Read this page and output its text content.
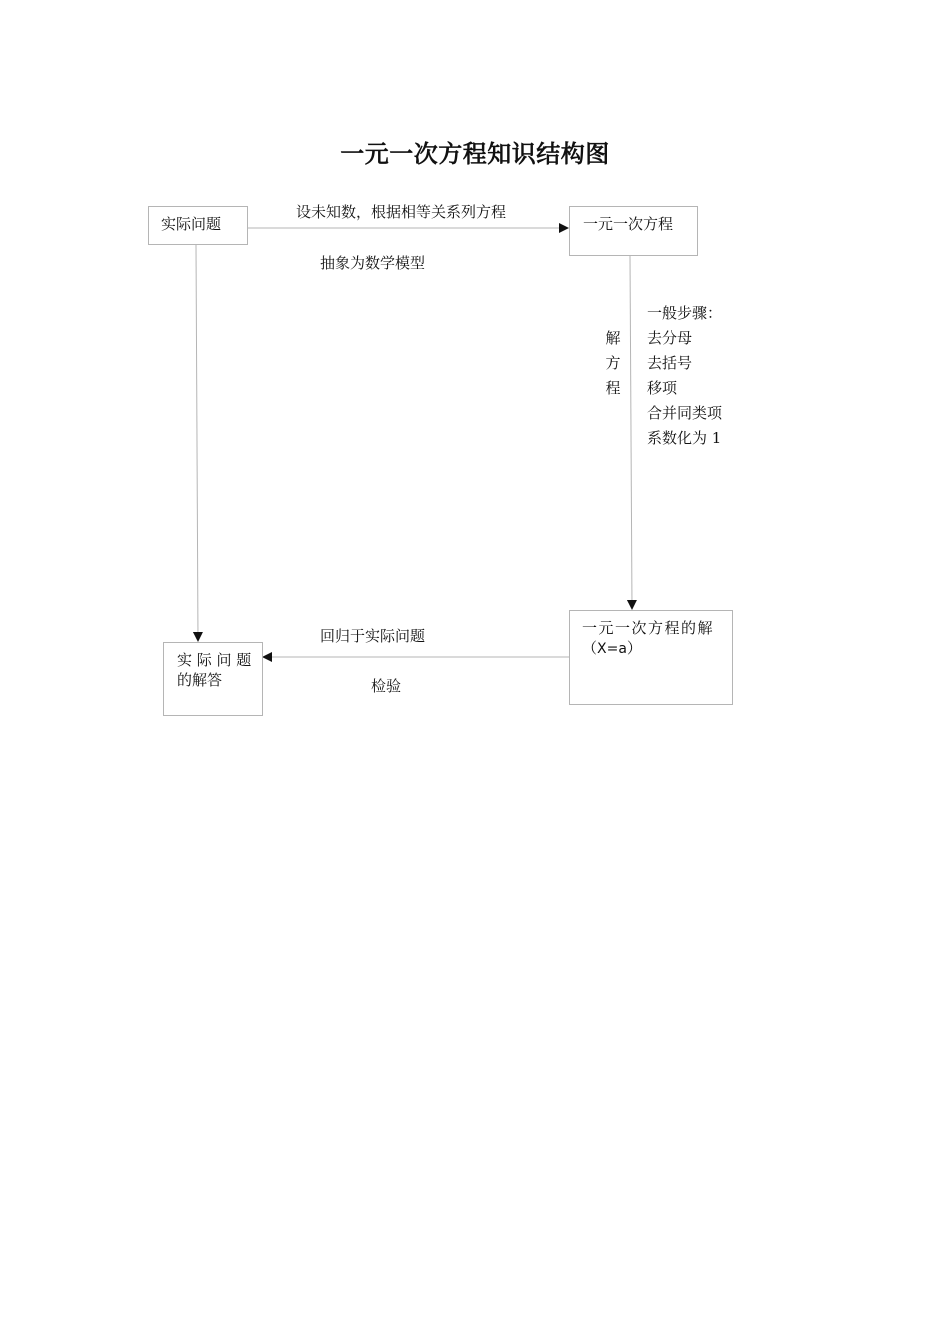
一元一次方程知识结构图
实际问题	一元一次方程
一元一次方程的解
（X=a）
实 际 问 题
的解答
设未知数，根据相等关系列方程
抽象为数学模型
解
方
程
一般步骤：
去分母
去括号
移项
合并同类项
系数化为 1
回归于实际问题
检验
